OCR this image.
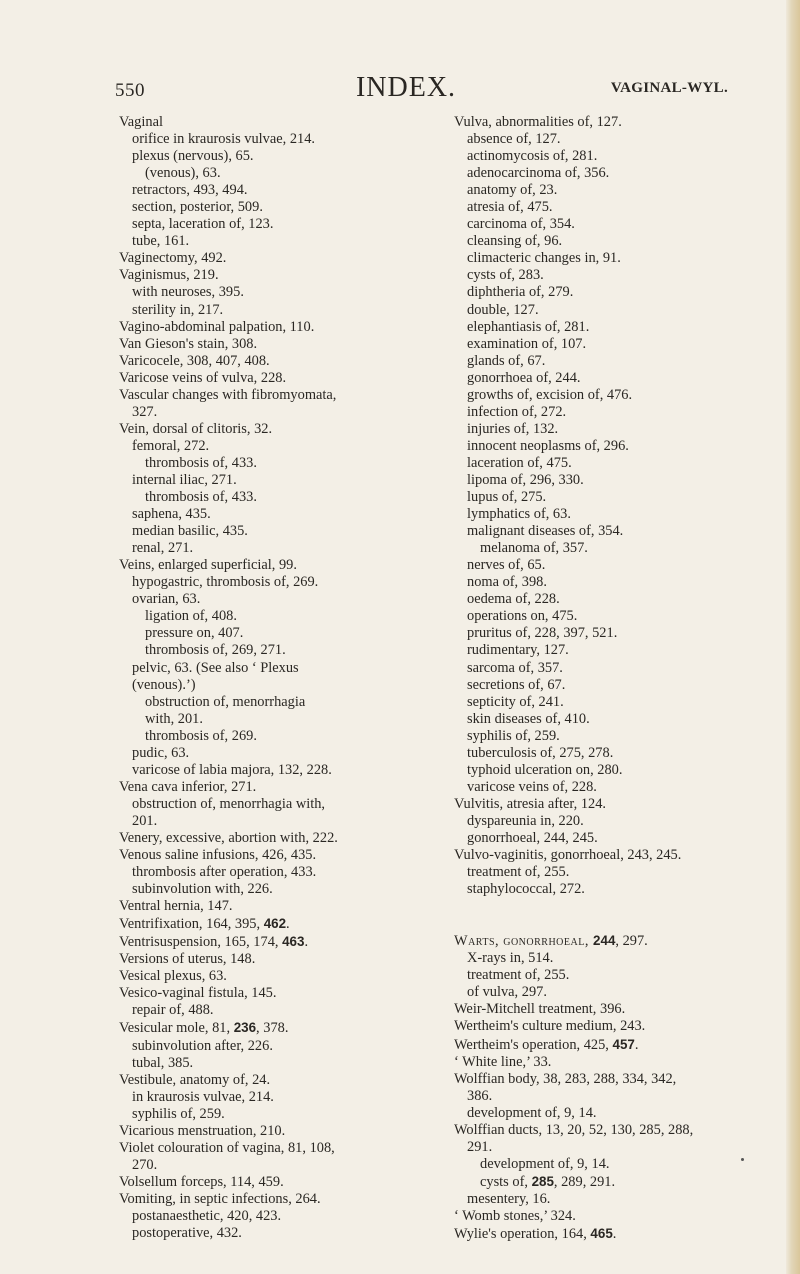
550	INDEX.	VAGINAL-WYL.
Vaginal
orifice in kraurosis vulvae, 214.
plexus (nervous), 65.
(venous), 63.
retractors, 493, 494.
section, posterior, 509.
septa, laceration of, 123.
tube, 161.
Vaginectomy, 492.
Vaginismus, 219.
with neuroses, 395.
sterility in, 217.
Vagino-abdominal palpation, 110.
Van Gieson's stain, 308.
Varicocele, 308, 407, 408.
Varicose veins of vulva, 228.
Vascular changes with fibromyomata,
327.
Vein, dorsal of clitoris, 32.
femoral, 272.
thrombosis of, 433.
internal iliac, 271.
thrombosis of, 433.
saphena, 435.
median basilic, 435.
renal, 271.
Veins, enlarged superficial, 99.
hypogastric, thrombosis of, 269.
ovarian, 63.
ligation of, 408.
pressure on, 407.
thrombosis of, 269, 271.
pelvic, 63. (See also ‘ Plexus
(venous).’)
obstruction of, menorrhagia
with, 201.
thrombosis of, 269.
pudic, 63.
varicose of labia majora, 132, 228.
Vena cava inferior, 271.
obstruction of, menorrhagia with,
201.
Venery, excessive, abortion with, 222.
Venous saline infusions, 426, 435.
thrombosis after operation, 433.
subinvolution with, 226.
Ventral hernia, 147.
Ventrifixation, 164, 395, 462.
Ventrisuspension, 165, 174, 463.
Versions of uterus, 148.
Vesical plexus, 63.
Vesico-vaginal fistula, 145.
repair of, 488.
Vesicular mole, 81, 236, 378.
subinvolution after, 226.
tubal, 385.
Vestibule, anatomy of, 24.
in kraurosis vulvae, 214.
syphilis of, 259.
Vicarious menstruation, 210.
Violet colouration of vagina, 81, 108,
270.
Volsellum forceps, 114, 459.
Vomiting, in septic infections, 264.
postanaesthetic, 420, 423.
postoperative, 432.
Vulva, abnormalities of, 127.
absence of, 127.
actinomycosis of, 281.
adenocarcinoma of, 356.
anatomy of, 23.
atresia of, 475.
carcinoma of, 354.
cleansing of, 96.
climacteric changes in, 91.
cysts of, 283.
diphtheria of, 279.
double, 127.
elephantiasis of, 281.
examination of, 107.
glands of, 67.
gonorrhoea of, 244.
growths of, excision of, 476.
infection of, 272.
injuries of, 132.
innocent neoplasms of, 296.
laceration of, 475.
lipoma of, 296, 330.
lupus of, 275.
lymphatics of, 63.
malignant diseases of, 354.
melanoma of, 357.
nerves of, 65.
noma of, 398.
oedema of, 228.
operations on, 475.
pruritus of, 228, 397, 521.
rudimentary, 127.
sarcoma of, 357.
secretions of, 67.
septicity of, 241.
skin diseases of, 410.
syphilis of, 259.
tuberculosis of, 275, 278.
typhoid ulceration on, 280.
varicose veins of, 228.
Vulvitis, atresia after, 124.
dyspareunia in, 220.
gonorrhoeal, 244, 245.
Vulvo-vaginitis, gonorrhoeal, 243, 245.
treatment of, 255.
staphylococcal, 272.
Warts, gonorrhoeal, 244, 297.
X-rays in, 514.
treatment of, 255.
of vulva, 297.
Weir-Mitchell treatment, 396.
Wertheim's culture medium, 243.
Wertheim's operation, 425, 457.
‘ White line,’ 33.
Wolffian body, 38, 283, 288, 334, 342,
386.
development of, 9, 14.
Wolffian ducts, 13, 20, 52, 130, 285, 288,
291.
development of, 9, 14.
cysts of, 285, 289, 291.
mesentery, 16.
‘ Womb stones,’ 324.
Wylie's operation, 164, 465.
